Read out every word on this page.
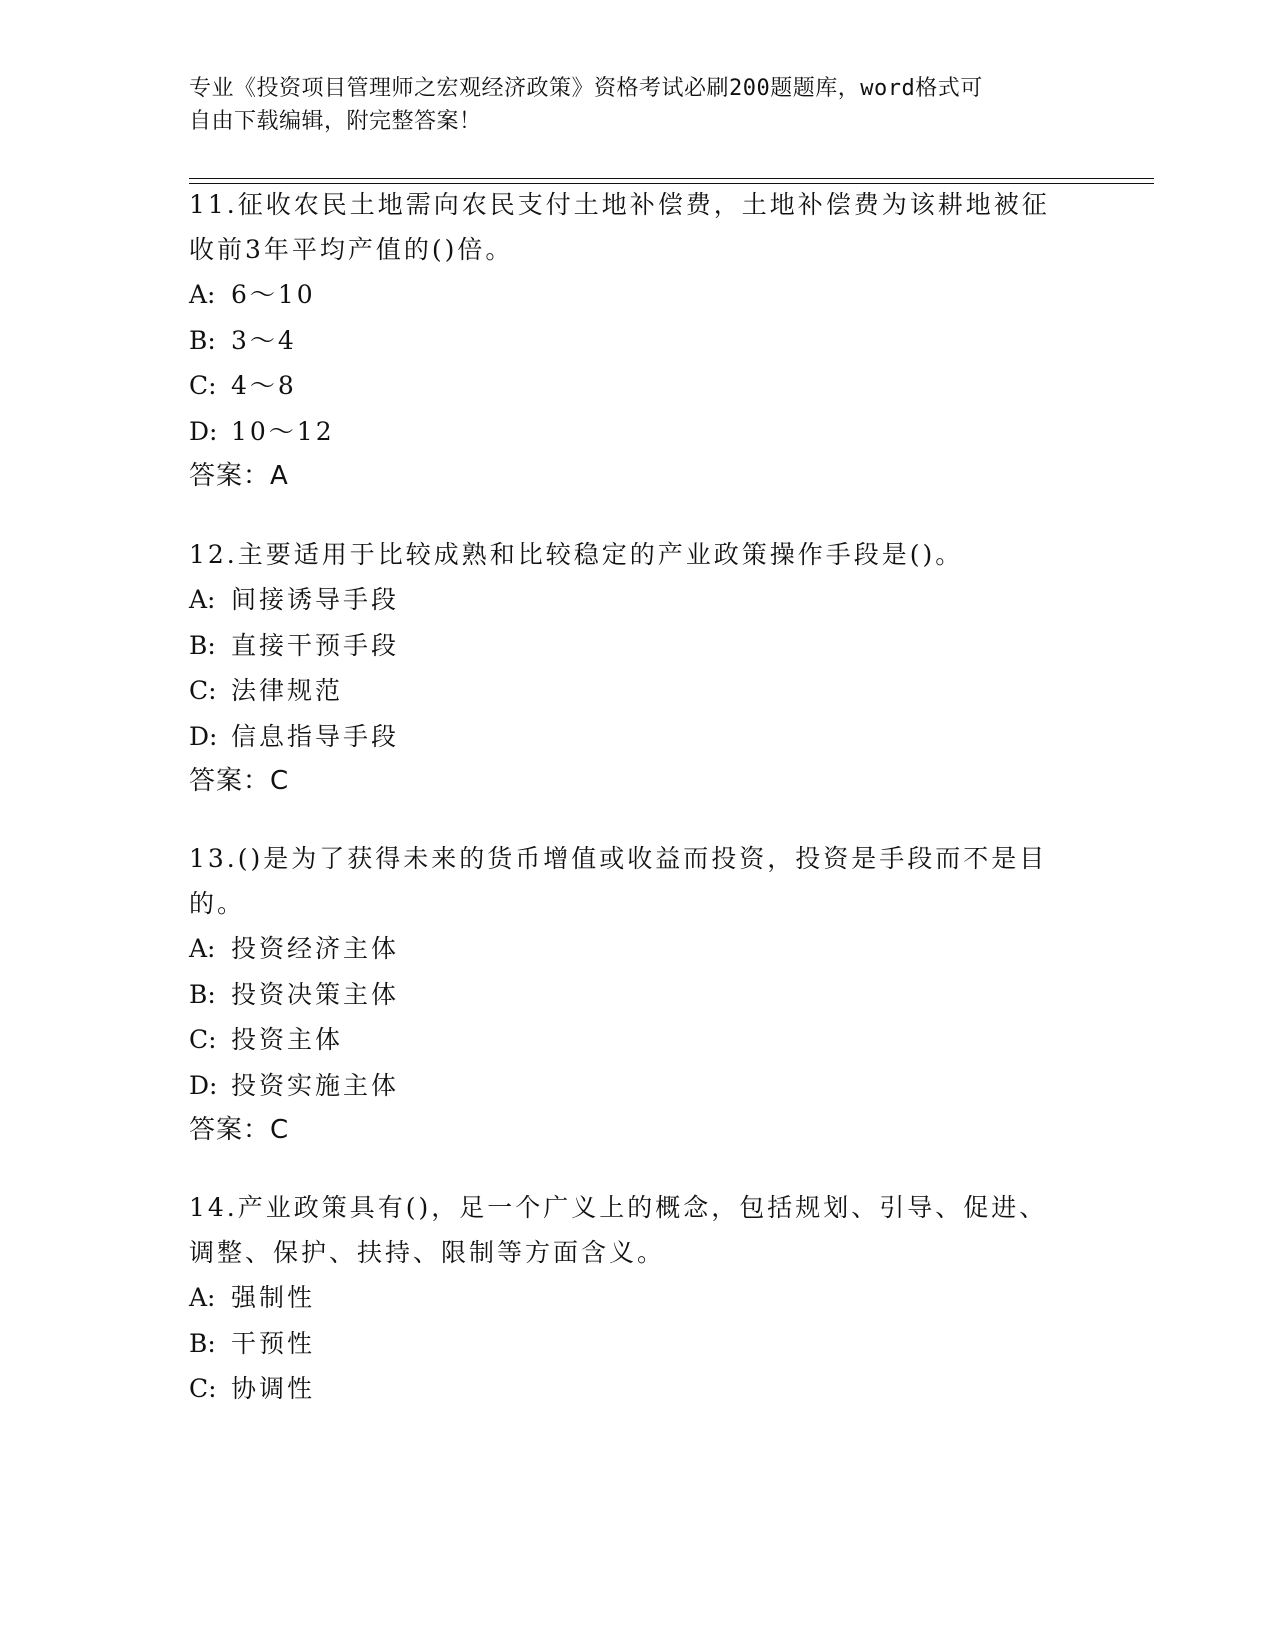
专业《投资项目管理师之宏观经济政策》资格考试必刷200题题库，word格式可
自由下载编辑，附完整答案！
11.征收农民土地需向农民支付土地补偿费，土地补偿费为该耕地被征
收前3年平均产值的()倍。
A: 6～10
B: 3～4
C: 4～8
D: 10～12
答案：A
12.主要适用于比较成熟和比较稳定的产业政策操作手段是()。
A: 间接诱导手段
B: 直接干预手段
C: 法律规范
D: 信息指导手段
答案：C
13.()是为了获得未来的货币增值或收益而投资，投资是手段而不是目
的。
A: 投资经济主体
B: 投资决策主体
C: 投资主体
D: 投资实施主体
答案：C
14.产业政策具有()，足一个广义上的概念，包括规划、引导、促进、
调整、保护、扶持、限制等方面含义。
A: 强制性
B: 干预性
C: 协调性
